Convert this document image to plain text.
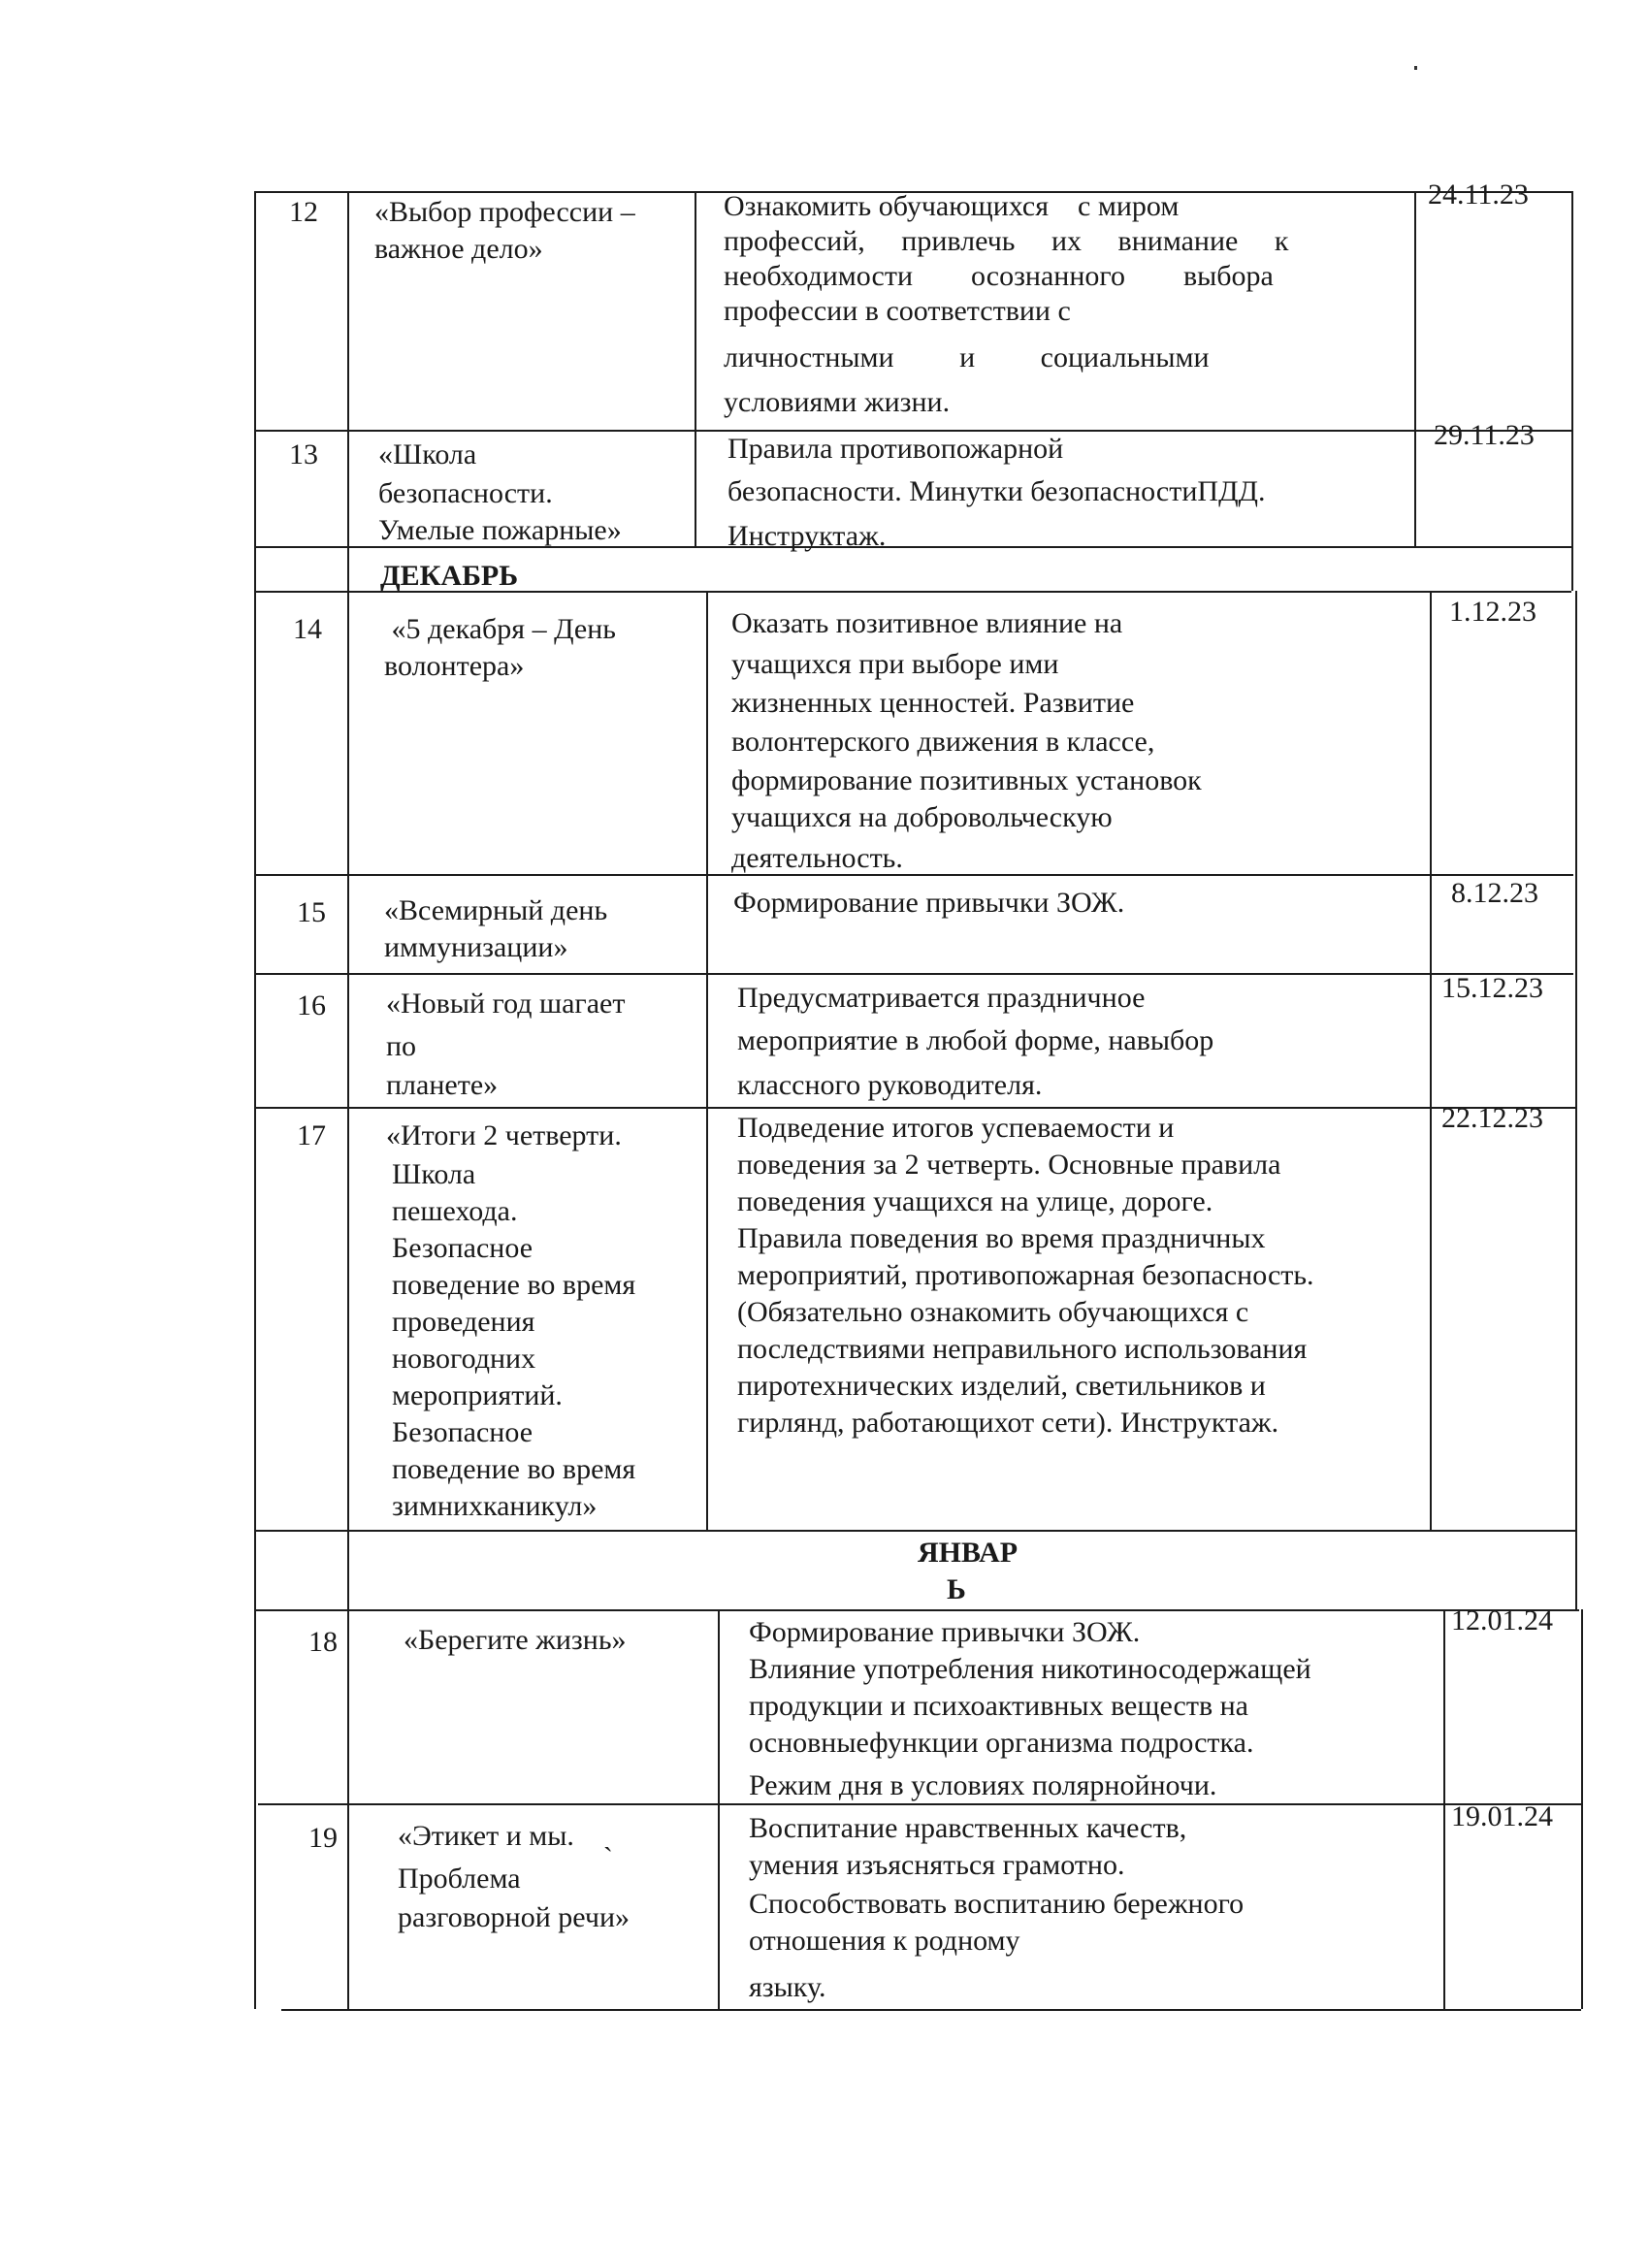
12 «Выбор профессии –
важное дело»
Ознакомить обучающихся    с миром
профессий,     привлечь     их     внимание     к
необходимости        осознанного        выбора
профессии в соответствии с
личностными         и         социальными
условиями жизни.
24.11.23
13 «Школа
безопасности.
Умелые пожарные»
Правила противопожарной
безопасности. Минутки безопасностиПДД.
Инструктаж.
29.11.23
ДЕКАБРЬ
14 «5 декабря – День
волонтера»
Оказать позитивное влияние на
учащихся при выборе ими
жизненных ценностей. Развитие
волонтерского движения в классе,
формирование позитивных установок
учащихся на добровольческую
деятельность.
1.12.23
15 «Всемирный день
иммунизации»
Формирование привычки ЗОЖ.	8.12.23
16 «Новый год шагает
по
планете»
Предусматривается праздничное
мероприятие в любой форме, навыбор
классного руководителя.
15.12.23
17 «Итоги 2 четверти.
Школа
пешехода.
Безопасное
поведение во время
проведения
новогодних
мероприятий.
Безопасное
поведение во время
зимнихканикул»
Подведение итогов успеваемости и
поведения за 2 четверть. Основные правила
поведения учащихся на улице, дороге.
Правила поведения во время праздничных
мероприятий, противопожарная безопасность.
(Обязательно ознакомить обучающихся с
последствиями неправильного использования
пиротехнических изделий, светильников и
гирлянд, работающихот сети). Инструктаж.
22.12.23
ЯНВАР
Ь
18 «Берегите жизнь»	Формирование привычки ЗОЖ.
Влияние употребления никотиносодержащей
продукции и психоактивных веществ на
основныефункции организма подростка.
Режим дня в условиях полярнойночи.
12.01.24
19 «Этикет и мы.    ˎ
Проблема
разговорной речи»
Воспитание нравственных качеств,
умения изъясняться грамотно.
Способствовать воспитанию бережного
отношения к родному
языку.
19.01.24
